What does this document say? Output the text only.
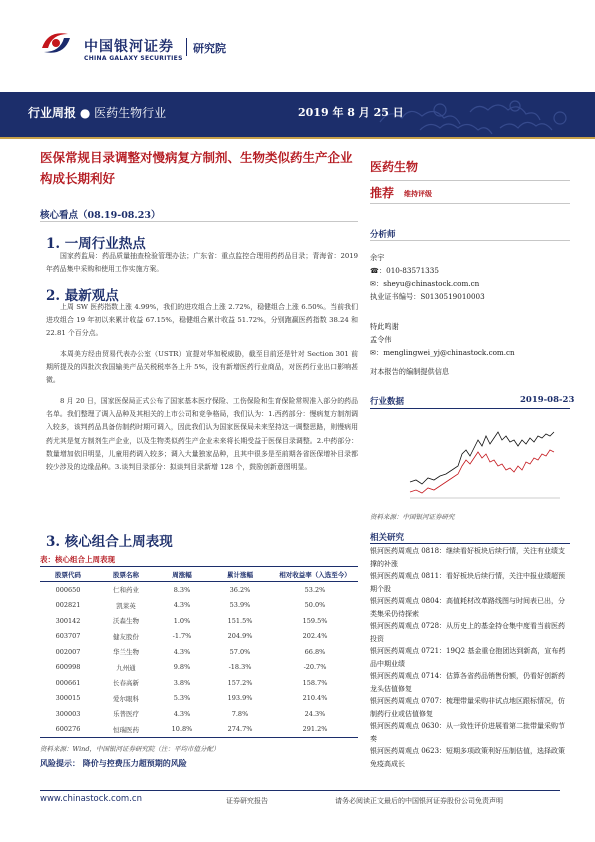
中国银河证券
CHINA GALAXY SECURITIES
研究院
行业周报 ● 医药生物行业	2019 年 8 月 25 日
医保常规目录调整对慢病复方制剂、生物类似药生产企业构成长期利好
医药生物
推荐 维持评级
分析师
余宇
☎：010-83571335
✉：sheyu@chinastock.com.cn
执业证书编号：S0130519010003
特此鸣谢
孟令伟
✉：menglingwei_yj@chinastock.com.cn
对本报告的编制提供信息
核心看点（08.19-08.23）
1. 一周行业热点
国家药监局：药品质量抽查检验管理办法；广东省：重点监控合理用药药品目录；青海省：2019 年药品集中采购和使用工作实施方案。
2. 最新观点
上周 SW 医药指数上涨 4.99%，我们的进攻组合上涨 2.72%，稳健组合上涨 6.50%。当前我们进攻组合 19 年初以来累计收益 67.15%，稳健组合累计收益 51.72%，分别跑赢医药指数 38.24 和 22.81 个百分点。
本周美方经由贸易代表办公室（USTR）宣提对华加税威胁，截至目前还是针对 Section 301 前期所提及的四批次我国输美产品关税税率各上升 5%，没有新增医药行业商品，对医药行业出口影响甚微。
8 月 20 日，国家医保局正式公布了国家基本医疗保险、工伤保险和生育保险常规准入部分的药品名单。我们整理了调入品种及其相关的上市公司和竞争格局，我们认为：1.西药部分：慢病复方制剂调入较多，该判药品具备仿制药时期可调入，因此我们认为国家医保局未来坚持这一调整思路，则慢病用药尤其是复方制剂生产企业，以及生物类似药生产企业未来将长期受益于医保目录调整。2.中药部分：数量增加依旧明显，儿童用药调入较多；调入大量独家品种，且其中很多是至前期各省医保增补目录都较少涉及的边缘品种。3.谈判目录部分：拟谈判目录新增 128 个，鼓励创新意图明显。
3. 核心组合上周表现
表：核心组合上周表现
股票代码	股票名称	周涨幅	累计涨幅	相对收益率（入选至今）
000650	仁和药业	8.3%	36.2%	53.2%
002821	凯莱英	4.3%	53.9%	50.0%
300142	沃森生物	1.0%	151.5%	159.5%
603707	健友股份	-1.7%	204.9%	202.4%
002007	华兰生物	4.3%	57.0%	66.8%
600998	九州通	9.8%	-18.3%	-20.7%
000661	长春高新	3.8%	157.2%	158.7%
300015	爱尔眼科	5.3%	193.9%	210.4%
300003	乐普医疗	4.3%	7.8%	24.3%
600276	恒瑞医药	10.8%	274.7%	291.2%
资料来源：Wind，中国银河证券研究院（注：平均市值分配）
风险提示： 降价与控费压力超预期的风险
行业数据	2019-08-23
资料来源：中国银河证券研究
相关研究
银河医药周观点 0818：继续看好板块后续行情，关注有业绩支撑的补涨
银河医药周观点 0811：看好板块后续行情，关注中报业绩超预期个股
银河医药周观点 0804：高值耗材改革路线图与时间表已出，分类集采仍待探索
银河医药周观点 0728：从历史上的基金持仓集中度看当前医药投资
银河医药周观点 0721：19Q2 基金重仓抱团达到新高，宣布药品中期业绩
银河医药周观点 0714：估算各省药品销售份额，仍看好创新药龙头估值修复
银河医药周观点 0707：梳理带量采购非试点地区跟标情况，仿制药行业或估值修复
银河医药周观点 0630：从一致性评价进展看第二批带量采购节奏
银河医药周观点 0623：短期多项政策利好压制估值，选择政策免疫高成长
www.chinastock.com.cn	证券研究报告	请务必阅读正文最后的中国银河证券股份公司免责声明
